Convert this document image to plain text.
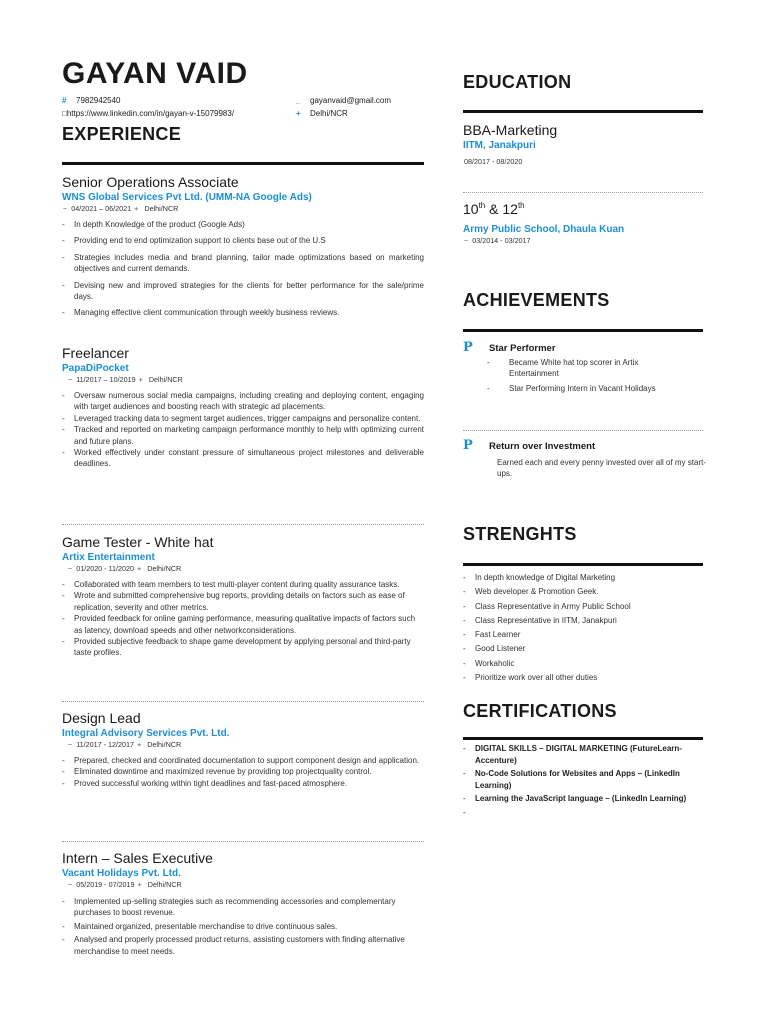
GAYAN VAID
# 7982942540
□https://www.linkedin.com/in/gayan-v-15079983/
_ gayanvaid@gmail.com
+ Delhi/NCR
EXPERIENCE
Senior Operations Associate
WNS Global Services Pvt Ltd. (UMM-NA Google Ads)
~ 04/2021 – 06/2021 + Delhi/NCR
- In depth Knowledge of the product (Google Ads)
- Providing end to end optimization support to clients base out of the U.S
- Strategies includes media and brand planning, tailor made optimizations based on marketing objectives and current demands.
- Devising new and improved strategies for the clients for better performance for the sale/prime days.
- Managing effective client communication through weekly business reviews.
Freelancer
PapaDiPocket
~ 11/2017 – 10/2019 + Delhi/NCR
- Oversaw numerous social media campaigns, including creating and deploying content, engaging with target audiences and boosting reach with strategic ad placements.
- Leveraged tracking data to segment target audiences, trigger campaigns and personalize content.
- Tracked and reported on marketing campaign performance monthly to help with optimizing current and future plans.
- Worked effectively under constant pressure of simultaneous project milestones and deliverable deadlines.
Game Tester - White hat
Artix Entertainment
~ 01/2020 - 11/2020 + Delhi/NCR
- Collaborated with team members to test multi-player content during quality assurance tasks.
- Wrote and submitted comprehensive bug reports, providing details on factors such as ease of replication, severity and other metrics.
- Provided feedback for online gaming performance, measuring qualitative impacts of factors such as latency, download speeds and other networkconsiderations.
- Provided subjective feedback to shape game development by applying personal and third-party taste profiles.
Design Lead
Integral Advisory Services Pvt. Ltd.
~ 11/2017 - 12/2017 + Delhi/NCR
- Prepared, checked and coordinated documentation to support component design and application.
- Eliminated downtime and maximized revenue by providing top projectquality control.
- Proved successful working within tight deadlines and fast-paced atmosphere.
Intern – Sales Executive
Vacant Holidays Pvt. Ltd.
~ 05/2019 - 07/2019 + Delhi/NCR
- Implemented up-selling strategies such as recommending accessories and complementary purchases to boost revenue.
- Maintained organized, presentable merchandise to drive continuous sales.
- Analysed and properly processed product returns, assisting customers with finding alternative merchandise to meet needs.
EDUCATION
BBA-Marketing
IITM, Janakpuri
08/2017 - 08/2020
10th & 12th
Army Public School, Dhaula Kuan
~ 03/2014 - 03/2017
ACHIEVEMENTS
P Star Performer
- Became White hat top scorer in Artix Entertainment
- Star Performing Intern in Vacant Holidays
P Return over Investment
Earned each and every penny invested over all of my start-ups.
STRENGHTS
- In depth knowledge of Digital Marketing
- Web developer & Promotion Geek.
- Class Representative in Army Public School
- Class Representative in IITM, Janakpuri
- Fast Learner
- Good Listener
- Workaholic
- Prioritize work over all other duties
CERTIFICATIONS
- DIGITAL SKILLS – DIGITAL MARKETING (FutureLearn- Accenture)
- No-Code Solutions for Websites and Apps – (LinkedIn Learning)
- Learning the JavaScript language – (LinkedIn Learning)
-
